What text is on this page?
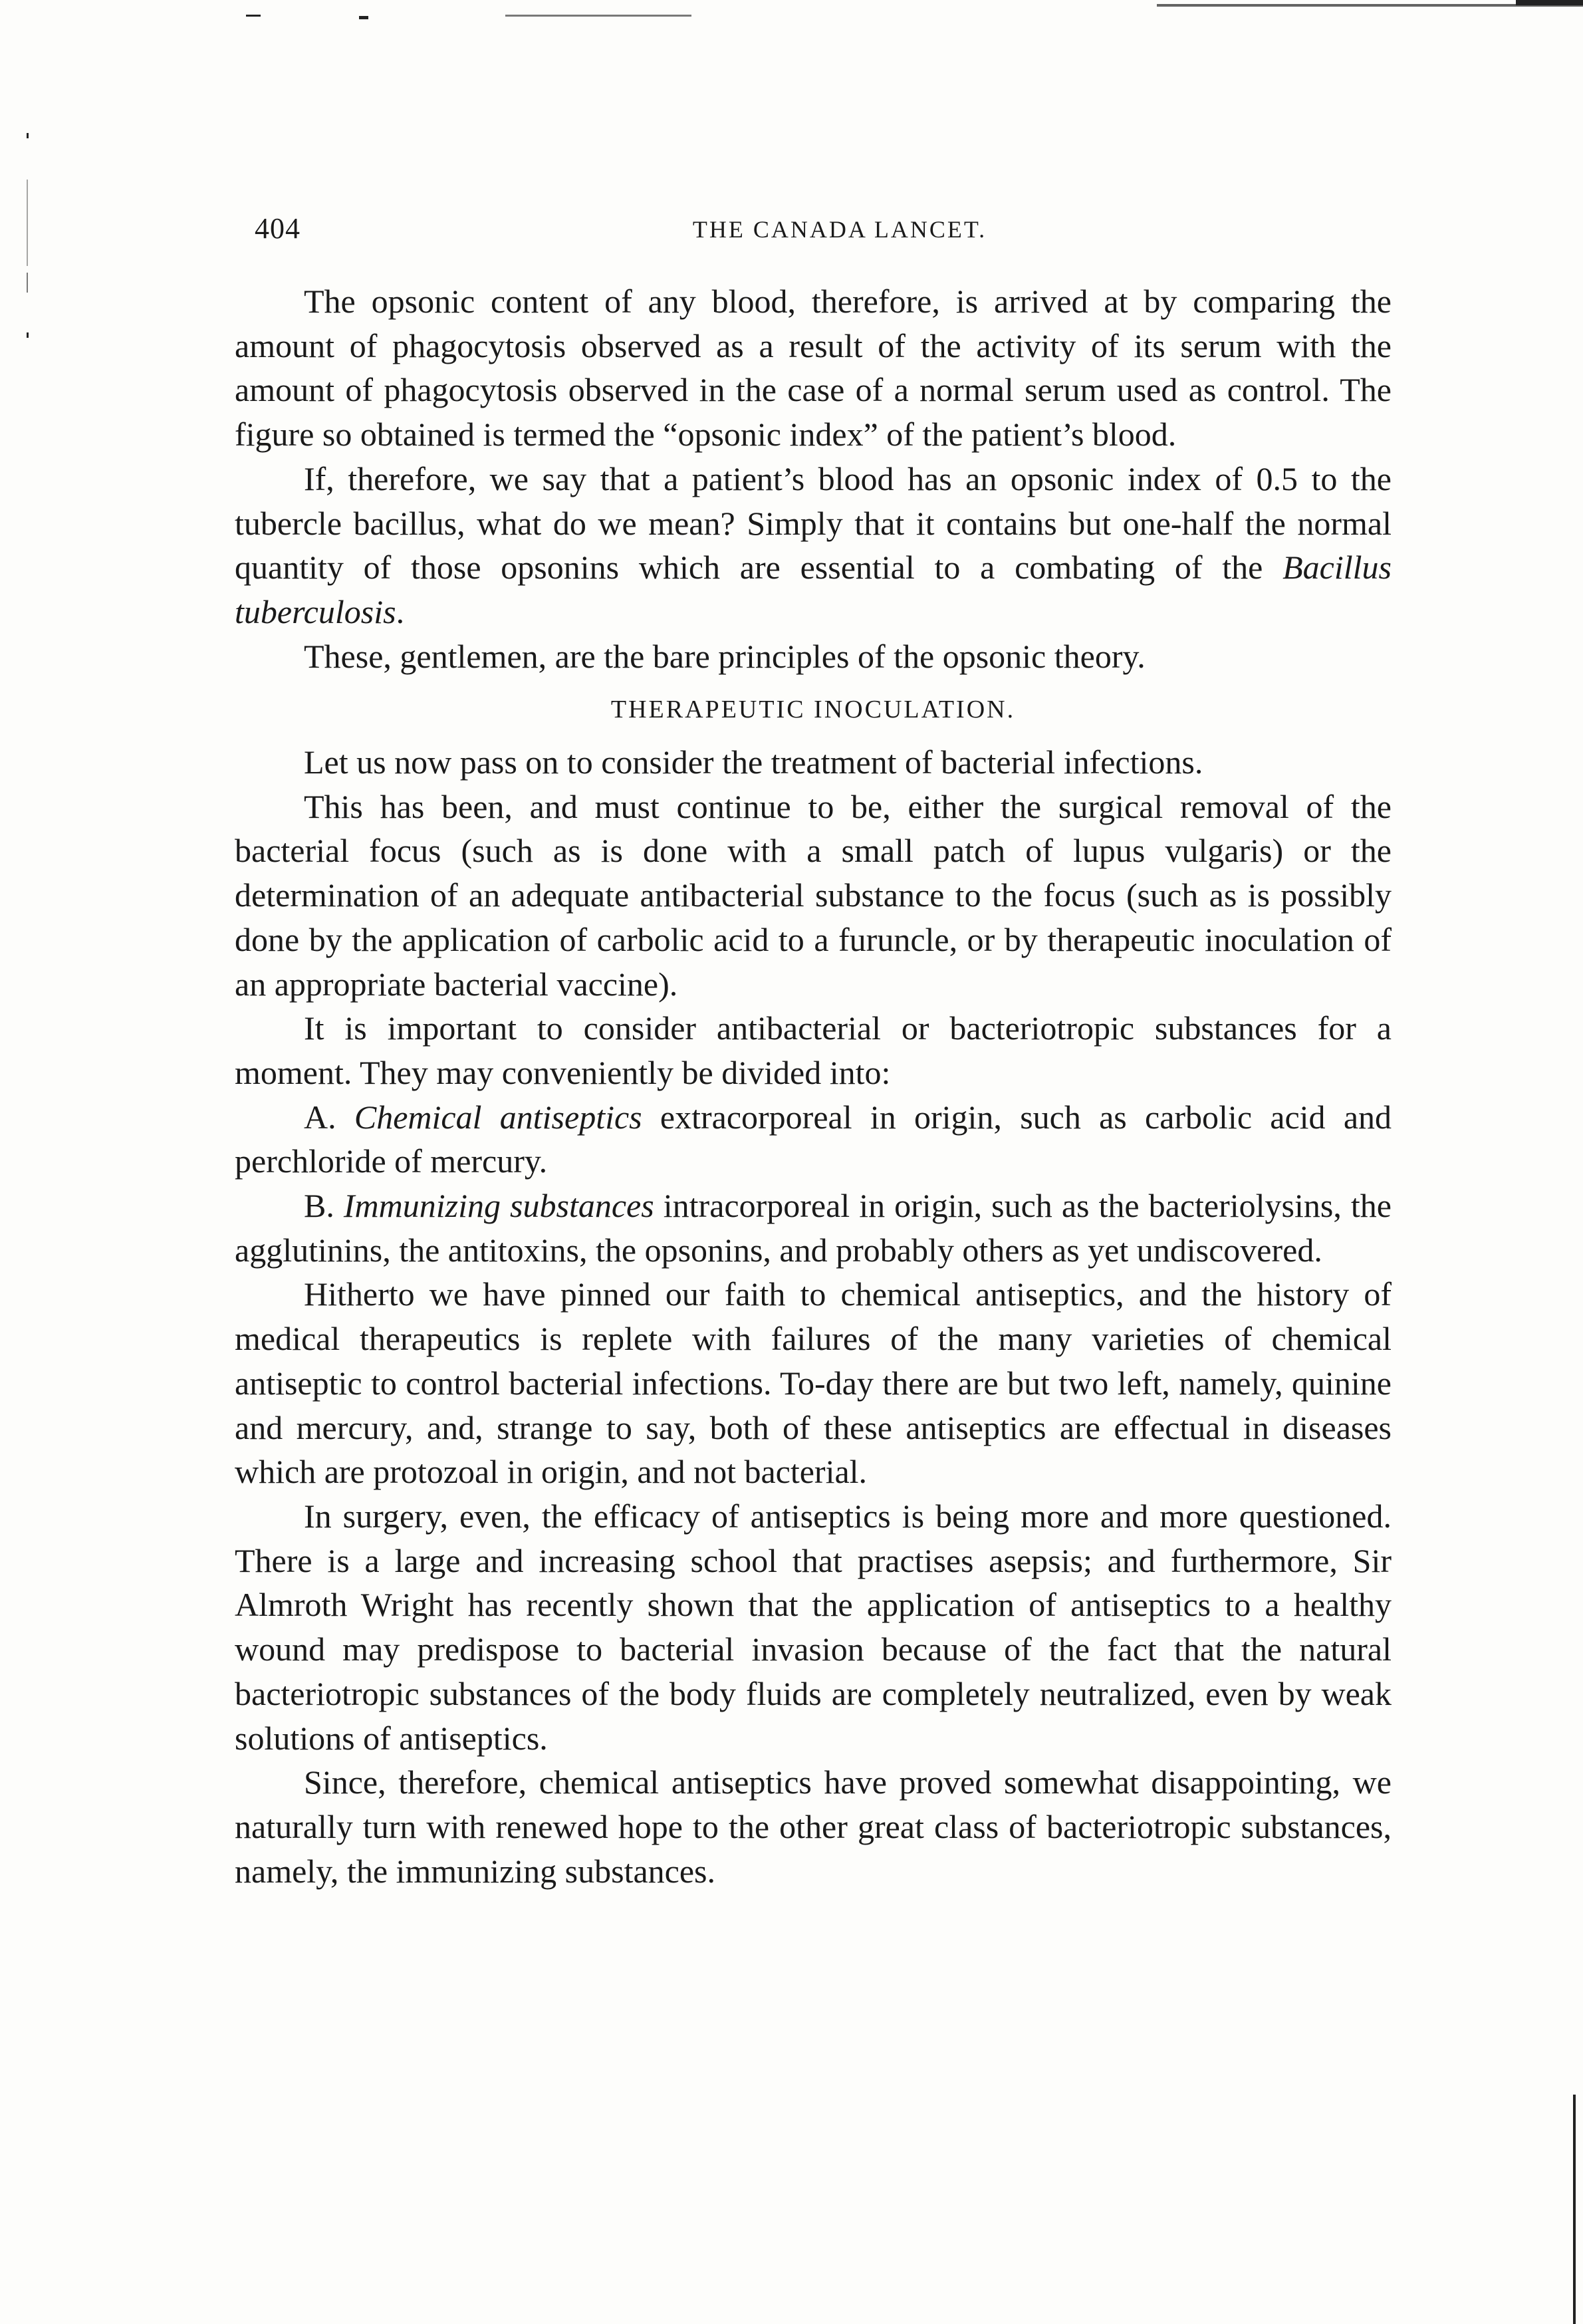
404	THE CANADA LANCET.

The opsonic content of any blood, therefore, is arrived at by comparing the amount of phagocytosis observed as a result of the activity of its serum with the amount of phagocytosis observed in the case of a normal serum used as control. The figure so obtained is termed the “opsonic index” of the patient’s blood.

If, therefore, we say that a patient’s blood has an opsonic index of 0.5 to the tubercle bacillus, what do we mean? Simply that it contains but one-half the normal quantity of those opsonins which are essential to a combating of the Bacillus tuberculosis.

These, gentlemen, are the bare principles of the opsonic theory.

THERAPEUTIC INOCULATION.

Let us now pass on to consider the treatment of bacterial infections.

This has been, and must continue to be, either the surgical removal of the bacterial focus (such as is done with a small patch of lupus vulgaris) or the determination of an adequate antibacterial substance to the focus (such as is possibly done by the application of carbolic acid to a furuncle, or by therapeutic inoculation of an appropriate bacterial vaccine).

It is important to consider antibacterial or bacteriotropic substances for a moment. They may conveniently be divided into:

A. Chemical antiseptics extracorporeal in origin, such as carbolic acid and perchloride of mercury.

B. Immunizing substances intracorporeal in origin, such as the bacteriolysins, the agglutinins, the antitoxins, the opsonins, and probably others as yet undiscovered.

Hitherto we have pinned our faith to chemical antiseptics, and the history of medical therapeutics is replete with failures of the many varieties of chemical antiseptic to control bacterial infections. To-day there are but two left, namely, quinine and mercury, and, strange to say, both of these antiseptics are effectual in diseases which are protozoal in origin, and not bacterial.

In surgery, even, the efficacy of antiseptics is being more and more questioned. There is a large and increasing school that practises asepsis; and furthermore, Sir Almroth Wright has recently shown that the application of antiseptics to a healthy wound may predispose to bacterial invasion because of the fact that the natural bacteriotropic substances of the body fluids are completely neutralized, even by weak solutions of antiseptics.

Since, therefore, chemical antiseptics have proved somewhat disappointing, we naturally turn with renewed hope to the other great class of bacteriotropic substances, namely, the immunizing substances.
